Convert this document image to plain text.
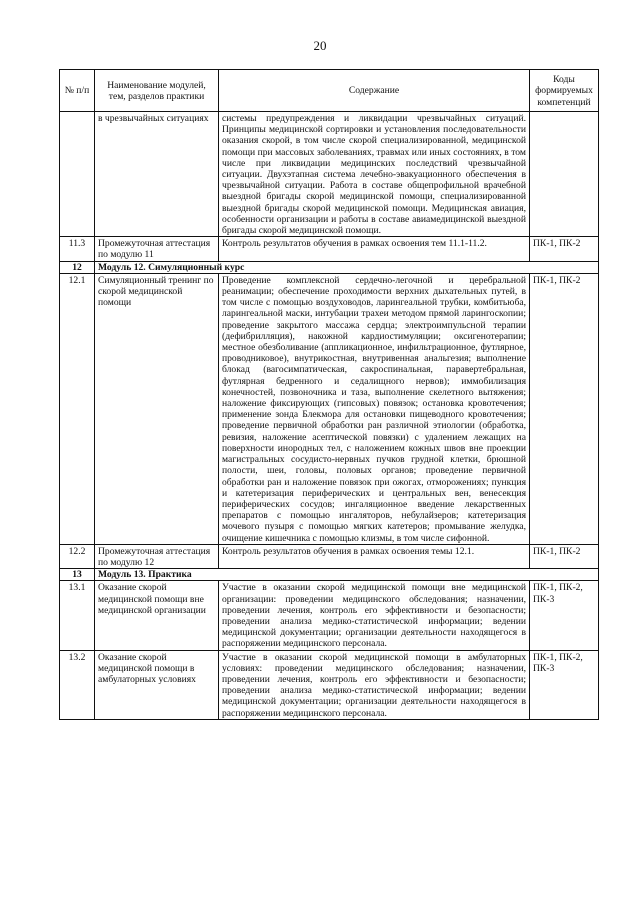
20
№ п/п	Наименование модулей, тем, разделов практики	Содержание	Коды формируемых компетенций
	в чрезвычайных ситуациях	системы предупреждения и ликвидации чрезвычайных ситуаций. Принципы медицинской сортировки и установления последовательности оказания скорой, в том числе скорой специализированной, медицинской помощи при массовых заболеваниях, травмах или иных состояниях, в том числе при ликвидации медицинских последствий чрезвычайной ситуации. Двухэтапная система лечебно-эвакуационного обеспечения в чрезвычайной ситуации. Работа в составе общепрофильной врачебной выездной бригады скорой медицинской помощи, специализированной выездной бригады скорой медицинской помощи. Медицинская авиация, особенности организации и работы в составе авиамедицинской выездной бригады скорой медицинской помощи.	
11.3	Промежуточная аттестация по модулю 11	Контроль результатов обучения в рамках освоения тем 11.1-11.2.	ПК-1, ПК-2
12	Модуль 12. Симуляционный курс		
12.1	Симуляционный тренинг по скорой медицинской помощи	Проведение комплексной сердечно-легочной и церебральной реанимации; обеспечение проходимости верхних дыхательных путей, в том числе с помощью воздуховодов, ларингеальной трубки, комбитьюба, ларингеальной маски, интубации трахеи методом прямой ларингоскопии; проведение закрытого массажа сердца; электроимпульсной терапии (дефибрилляция), накожной кардиостимуляции; оксигенотерапии; местное обезболивание (аппликационное, инфильтрационное, футлярное, проводниковое), внутрикостная, внутривенная анальгезия; выполнение блокад (вагосимпатическая, сакроспинальная, паравертебральная, футлярная бедренного и седалищного нервов); иммобилизация конечностей, позвоночника и таза, выполнение скелетного вытяжения; наложение фиксирующих (гипсовых) повязок; остановка кровотечения; применение зонда Блекмора для остановки пищеводного кровотечения; проведение первичной обработки ран различной этиологии (обработка, ревизия, наложение асептической повязки) с удалением лежащих на поверхности инородных тел, с наложением кожных швов вне проекции магистральных сосудисто-нервных пучков грудной клетки, брюшной полости, шеи, головы, половых органов; проведение первичной обработки ран и наложение повязок при ожогах, отморожениях; пункция и катетеризация периферических и центральных вен, венесекция периферических сосудов; ингаляционное введение лекарственных препаратов с помощью ингаляторов, небулайзеров; катетеризация мочевого пузыря с помощью мягких катетеров; промывание желудка, очищение кишечника с помощью клизмы, в том числе сифонной.	ПК-1, ПК-2
12.2	Промежуточная аттестация по модулю 12	Контроль результатов обучения в рамках освоения темы 12.1.	ПК-1, ПК-2
13	Модуль 13. Практика		
13.1	Оказание скорой медицинской помощи вне медицинской организации	Участие в оказании скорой медицинской помощи вне медицинской организации: проведении медицинского обследования; назначении, проведении лечения, контроль его эффективности и безопасности; проведении анализа медико-статистической информации; ведении медицинской документации; организации деятельности находящегося в распоряжении медицинского персонала.	ПК-1, ПК-2, ПК-3
13.2	Оказание скорой медицинской помощи в амбулаторных условиях	Участие в оказании скорой медицинской помощи в амбулаторных условиях: проведении медицинского обследования; назначении, проведении лечения, контроль его эффективности и безопасности; проведении анализа медико-статистической информации; ведении медицинской документации; организации деятельности находящегося в распоряжении медицинского персонала.	ПК-1, ПК-2, ПК-3
